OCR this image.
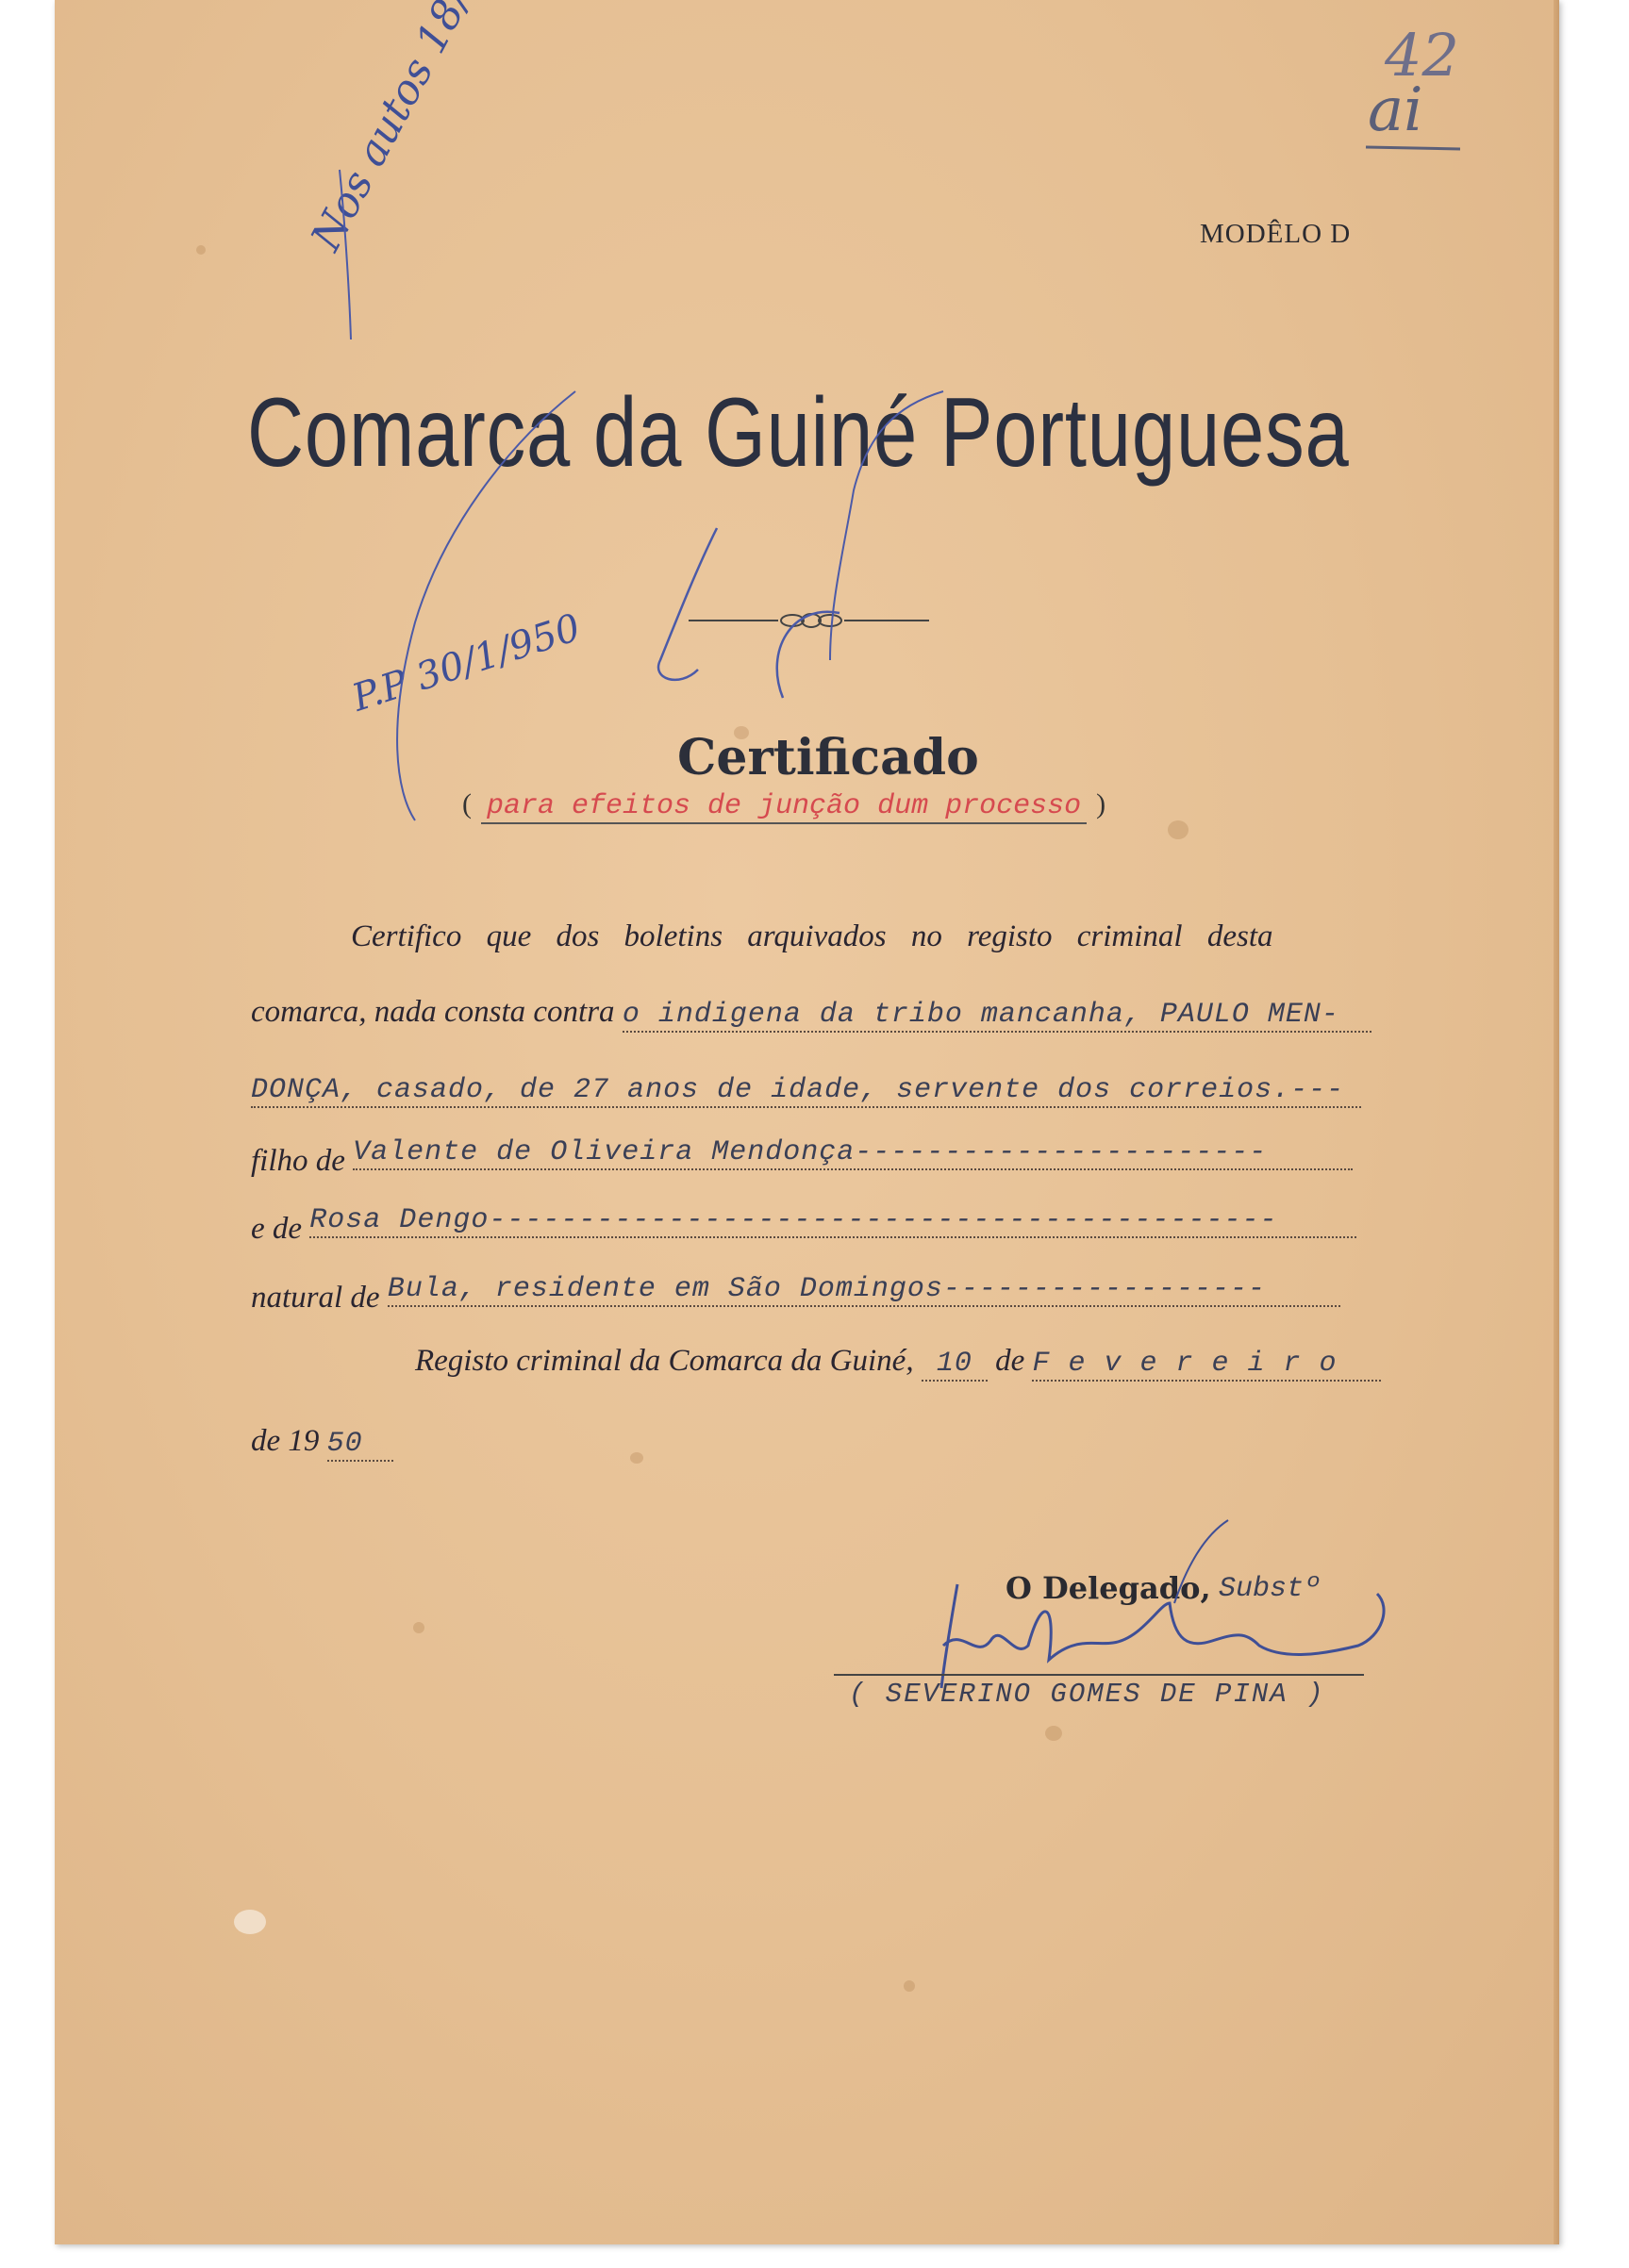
42
ai
MODÊLO D
Comarca da Guiné Portuguesa
P.P 30/1/950
Certificado
( para efeitos de junção dum processo )
Certifico que dos boletins arquivados no registo criminal desta
comarca, nada consta contra o indigena da tribo mancanha, PAULO MEN-
DONÇA, casado, de 27 anos de idade, servente dos correios.---
filho de Valente de Oliveira Mendonça-----------------------
e de Rosa Dengo--------------------------------------------
natural de Bula, residente em São Domingos------------------
Registo criminal da Comarca da Guiné, 10 de F e v e r e i r o
de 19 50
O Delegado, Substº
( SEVERINO GOMES DE PINA )
